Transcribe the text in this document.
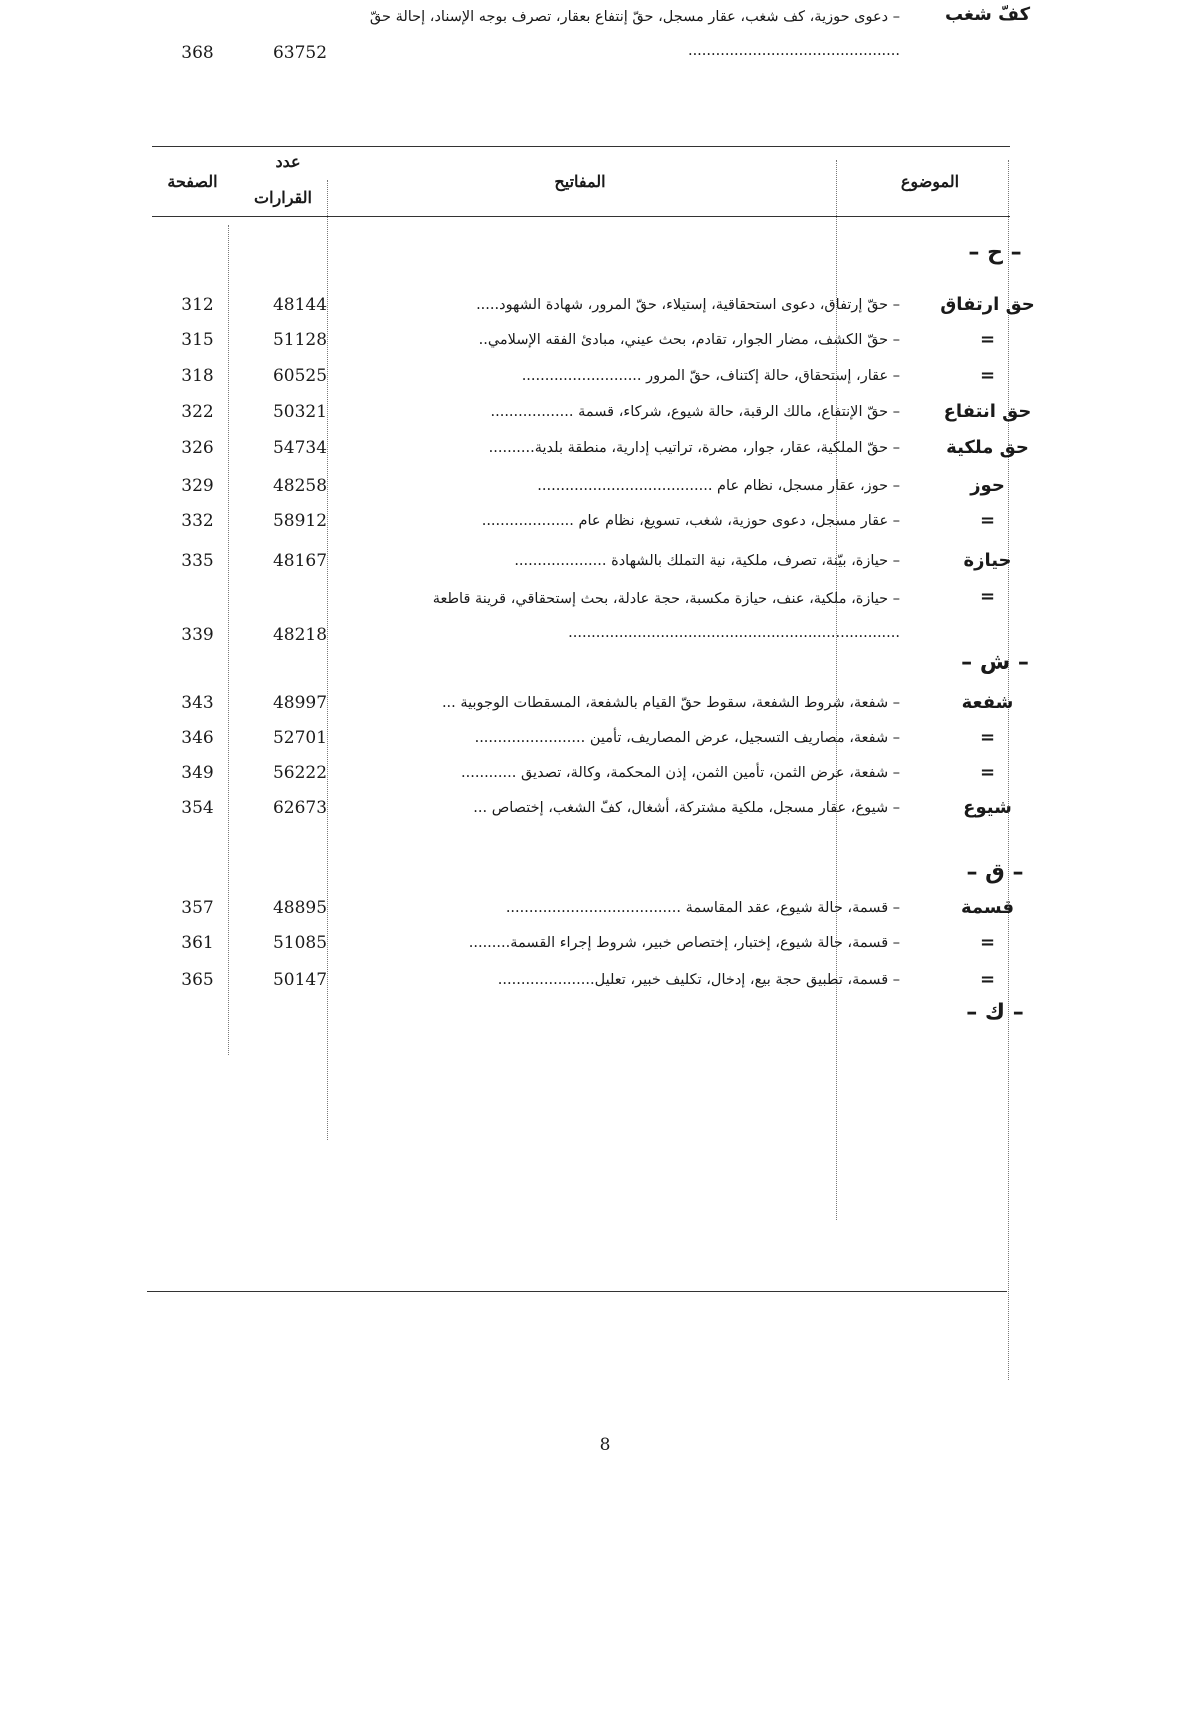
الصفحة
عدد
القرارات
المفاتيح	الموضوع
– ح –
حق ارتفاق
– حقّ إرتفاق، دعوى استحقاقية، إستيلاء، حقّ المرور، شهادة الشهود.....
48144
312
=
– حقّ الكشف، مضار الجوار، تقادم، بحث عيني، مبادئ الفقه الإسلامي..
51128
315
=
– عقار، إستحقاق، حالة إكتناف، حقّ المرور ..........................
60525
318
حق انتفاع
– حقّ الإنتفاع، مالك الرقبة، حالة شيوع، شركاء، قسمة ..................
50321
322
حق ملكية
– حقّ الملكية، عقار، جوار، مضرة، تراتيب إدارية، منطقة بلدية..........
54734
326
حوز
– حوز، عقار مسجل، نظام عام ......................................
48258
329
=
– عقار مسجل، دعوى حوزية، شغب، تسويغ، نظام عام ....................
58912
332
حيازة
– حيازة، بيّنة، تصرف، ملكية، نية التملك بالشهادة ....................
48167
335
=
– حيازة، ملكية، عنف، حيازة مكسبة، حجة عادلة، بحث إستحقاقي، قرينة قاطعة ........................................................................
48218
339
– ش –
شفعة
– شفعة، شروط الشفعة، سقوط حقّ القيام بالشفعة، المسقطات الوجوبية ...
48997
343
=
– شفعة، مصاريف التسجيل، عرض المصاريف، تأمين ........................
52701
346
=
– شفعة، عرض الثمن، تأمين الثمن، إذن المحكمة، وكالة، تصديق ............
56222
349
شيوع
– شيوع، عقار مسجل، ملكية مشتركة، أشغال، كفّ الشغب، إختصاص ...
62673
354
– ق –
قسمة
– قسمة، حالة شيوع، عقد المقاسمة ......................................
48895
357
=
– قسمة، حالة شيوع، إختبار، إختصاص خبير، شروط إجراء القسمة.........
51085
361
=
– قسمة، تطبيق حجة بيع، إدخال، تكليف خبير، تعليل.....................
50147
365
– ك –
كفّ شغب
– دعوى حوزية، كف شغب، عقار مسجل، حقّ إنتفاع بعقار، تصرف بوجه الإسناد، إحالة حقّ ..............................................
63752
368
8
